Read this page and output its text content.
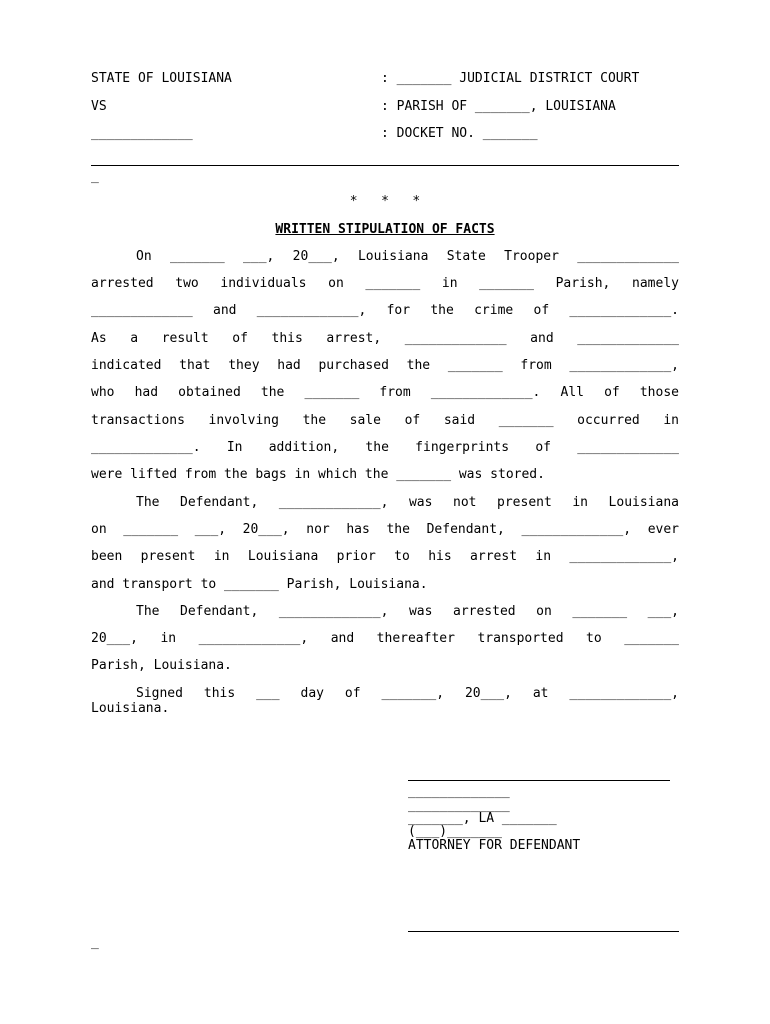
STATE OF LOUISIANA
VS
_____________
: _______ JUDICIAL DISTRICT COURT
: PARISH OF _______, LOUISIANA
: DOCKET NO. _______
_
*   *   *
WRITTEN STIPULATION OF FACTS
On _______ ___, 20___, Louisiana State Trooper _____________
arrested two individuals on _______ in _______ Parish, namely
_____________ and _____________, for the crime of _____________.
As a result of this arrest, _____________ and _____________
indicated that they had purchased the _______ from _____________,
who had obtained the _______ from _____________. All of those
transactions involving the sale of said _______ occurred in
_____________. In addition, the fingerprints of _____________
were lifted from the bags in which the _______ was stored.
The Defendant, _____________, was not present in Louisiana
on _______ ___, 20___, nor has the Defendant, _____________, ever
been present in Louisiana prior to his arrest in _____________,
and transport to _______ Parish, Louisiana.
The Defendant, _____________, was arrested on _______ ___,
20___, in _____________, and thereafter transported to _______
Parish, Louisiana.
Signed this ___ day of _______, 20___, at _____________,
Louisiana.
_____________
_____________
_______, LA _______
(___)_______
ATTORNEY FOR DEFENDANT
_
